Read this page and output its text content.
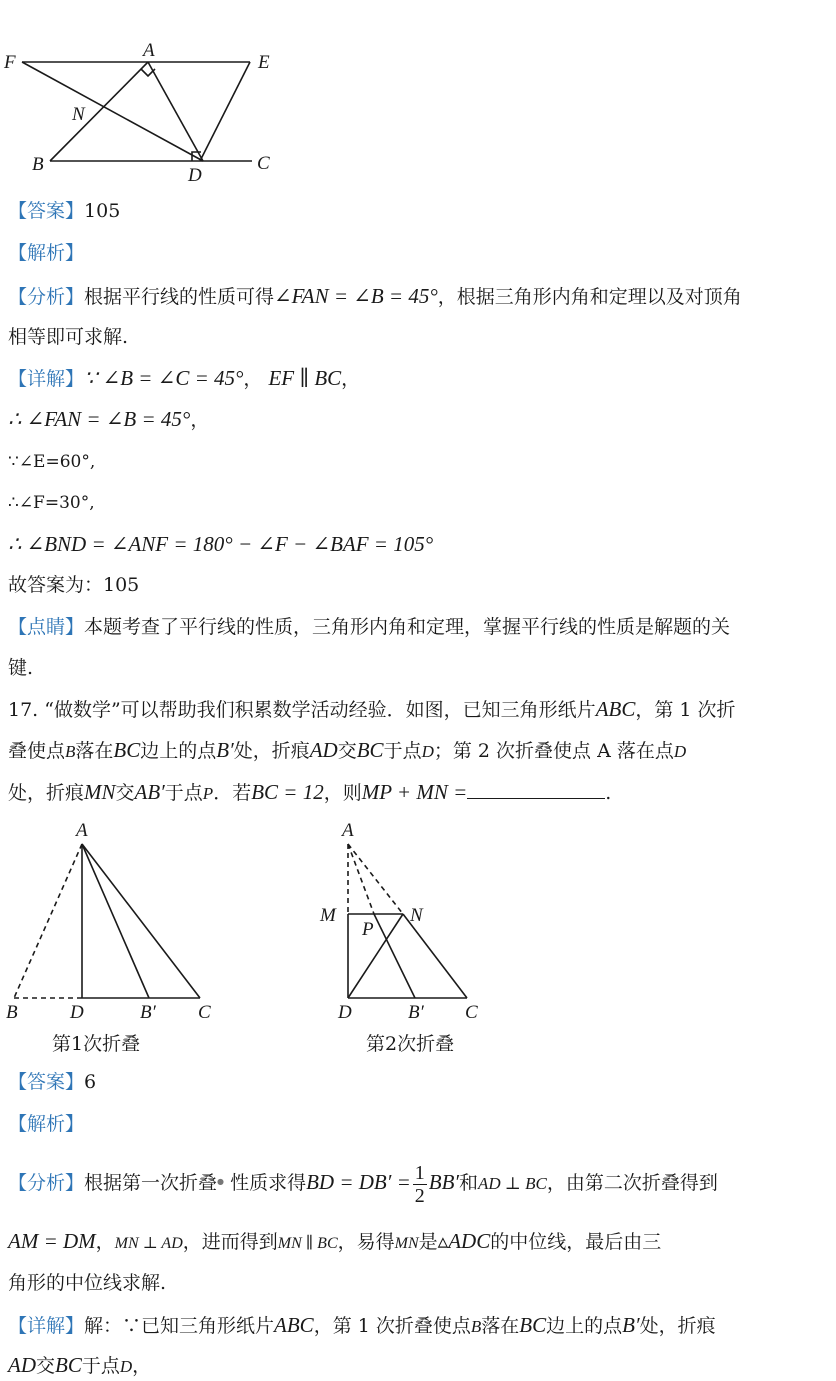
F
A
E
N
B
D
C
【答案】105
【解析】
【分析】根据平行线的性质可得∠FAN = ∠B = 45°，根据三角形内角和定理以及对顶角
相等即可求解.
【详解】∵ ∠B = ∠C = 45°， EF ∥ BC，
∴ ∠FAN = ∠B = 45°，
∵∠E=60°,
∴∠F=30°,
∴ ∠BND = ∠ANF = 180° − ∠F − ∠BAF = 105°
故答案为：105
【点睛】本题考查了平行线的性质，三角形内角和定理，掌握平行线的性质是解题的关
键.
17. “做数学”可以帮助我们积累数学活动经验．如图，已知三角形纸片ABC，第 1 次折
叠使点B落在BC边上的点B′处，折痕AD交BC于点D；第 2 次折叠使点 A 落在点D
处，折痕MN交AB′于点P．若BC = 12，则MP + MN =	.
A
B	D	B′ C
第1次折叠
A
M
P
N
D	B′ C
第2次折叠
【答案】6
【解析】
【分析】根据第一次折叠● 性质求得BD = $DB' = \frac{1}{2} BB'$和AD ⊥ BC，由第二次折叠得到
AM = DM，MN ⊥ AD，进而得到MN ∥ BC，易得MN是▵ADC的中位线，最后由三
角形的中位线求解.
【详解】解：∵已知三角形纸片ABC，第 1 次折叠使点B落在BC边上的点B′处，折痕
AD交BC于点D，
